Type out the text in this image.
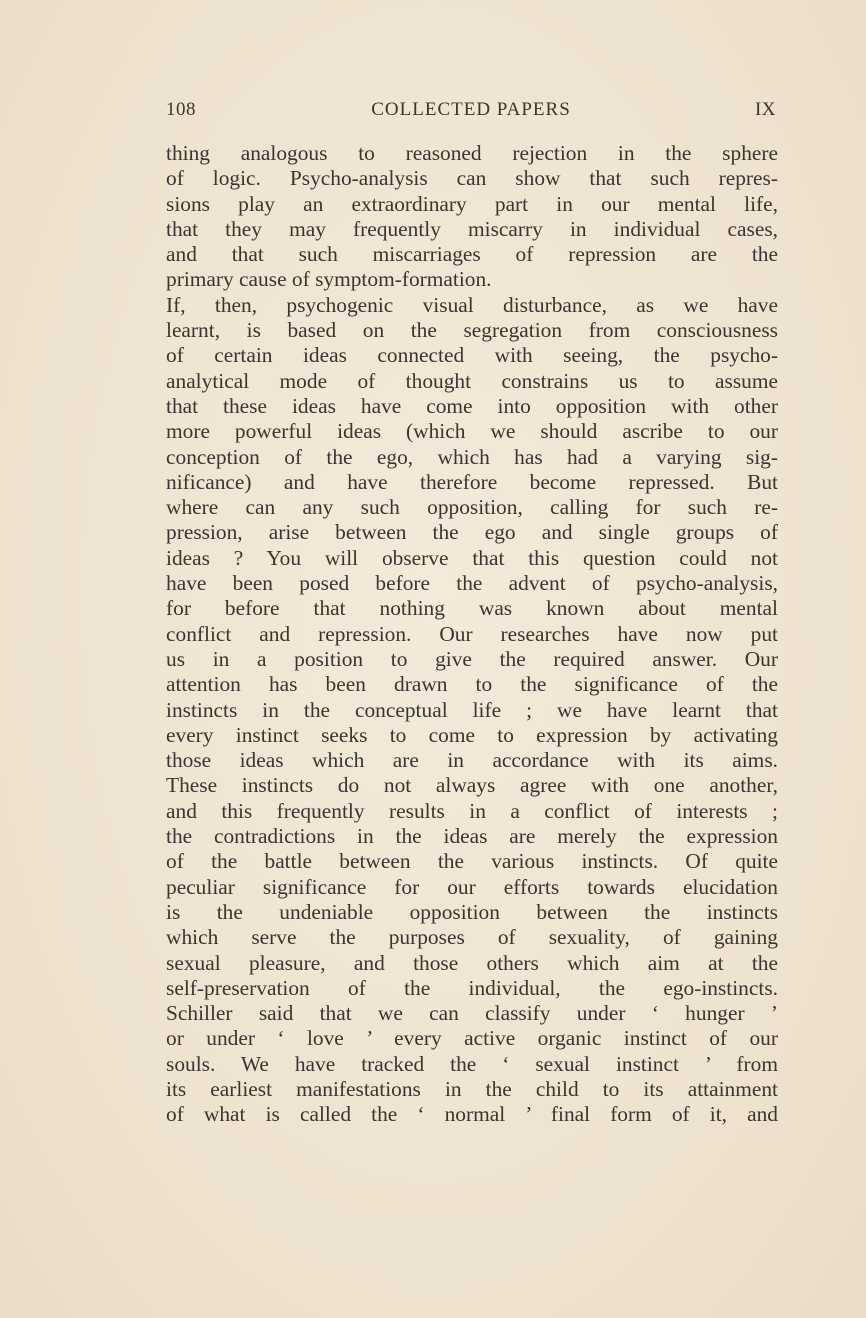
108	COLLECTED PAPERS	IX
thing analogous to reasoned rejection in the sphere
of logic. Psycho-analysis can show that such repres-
sions play an extraordinary part in our mental life,
that they may frequently miscarry in individual cases,
and that such miscarriages of repression are the
primary cause of symptom-formation.
If, then, psychogenic visual disturbance, as we have
learnt, is based on the segregation from consciousness
of certain ideas connected with seeing, the psycho-
analytical mode of thought constrains us to assume
that these ideas have come into opposition with other
more powerful ideas (which we should ascribe to our
conception of the ego, which has had a varying sig-
nificance) and have therefore become repressed. But
where can any such opposition, calling for such re-
pression, arise between the ego and single groups of
ideas ? You will observe that this question could not
have been posed before the advent of psycho-analysis,
for before that nothing was known about mental
conflict and repression. Our researches have now put
us in a position to give the required answer. Our
attention has been drawn to the significance of the
instincts in the conceptual life ; we have learnt that
every instinct seeks to come to expression by activating
those ideas which are in accordance with its aims.
These instincts do not always agree with one another,
and this frequently results in a conflict of interests ;
the contradictions in the ideas are merely the expression
of the battle between the various instincts. Of quite
peculiar significance for our efforts towards elucidation
is the undeniable opposition between the instincts
which serve the purposes of sexuality, of gaining
sexual pleasure, and those others which aim at the
self-preservation of the individual, the ego-instincts.
Schiller said that we can classify under ‘ hunger ’
or under ‘ love ’ every active organic instinct of our
souls. We have tracked the ‘ sexual instinct ’ from
its earliest manifestations in the child to its attainment
of what is called the ‘ normal ’ final form of it, and
